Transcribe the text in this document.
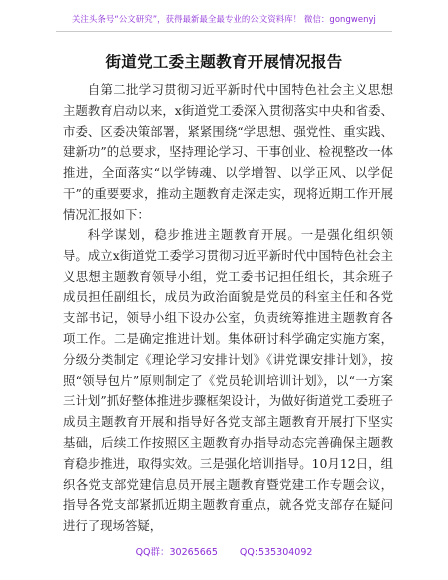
关注头条号“公文研究”，获得最新最全最专业的公文资料库！ 微信：gongwenyj
街道党工委主题教育开展情况报告
自第二批学习贯彻习近平新时代中国特色社会主义思想主题教育启动以来，x街道党工委深入贯彻落实中央和省委、市委、区委决策部署，紧紧围绕“学思想、强党性、重实践、建新功”的总要求，坚持理论学习、干事创业、检视整改一体推进，全面落实“以学铸魂、以学增智、以学正风、以学促干”的重要要求，推动主题教育走深走实，现将近期工作开展情况汇报如下：
科学谋划，稳步推进主题教育开展。一是强化组织领导。成立x街道党工委学习贯彻习近平新时代中国特色社会主义思想主题教育领导小组，党工委书记担任组长，其余班子成员担任副组长，成员为政治面貌是党员的科室主任和各党支部书记，领导小组下设办公室，负责统筹推进主题教育各项工作。二是确定推进计划。集体研讨科学确定实施方案，分级分类制定《理论学习安排计划》《讲党课安排计划》，按照“领导包片”原则制定了《党员轮训培训计划》，以“一方案三计划”抓好整体推进步骤框架设计，为做好街道党工委班子成员主题教育开展和指导好各党支部主题教育开展打下坚实基础，后续工作按照区主题教育办指导动态完善确保主题教育稳步推进，取得实效。三是强化培训指导。10月12日，组织各党支部党建信息员开展主题教育暨党建工作专题会议，指导各党支部紧抓近期主题教育重点，就各党支部存在疑问进行了现场答疑，
QQ群：30265665 QQ:535304092
